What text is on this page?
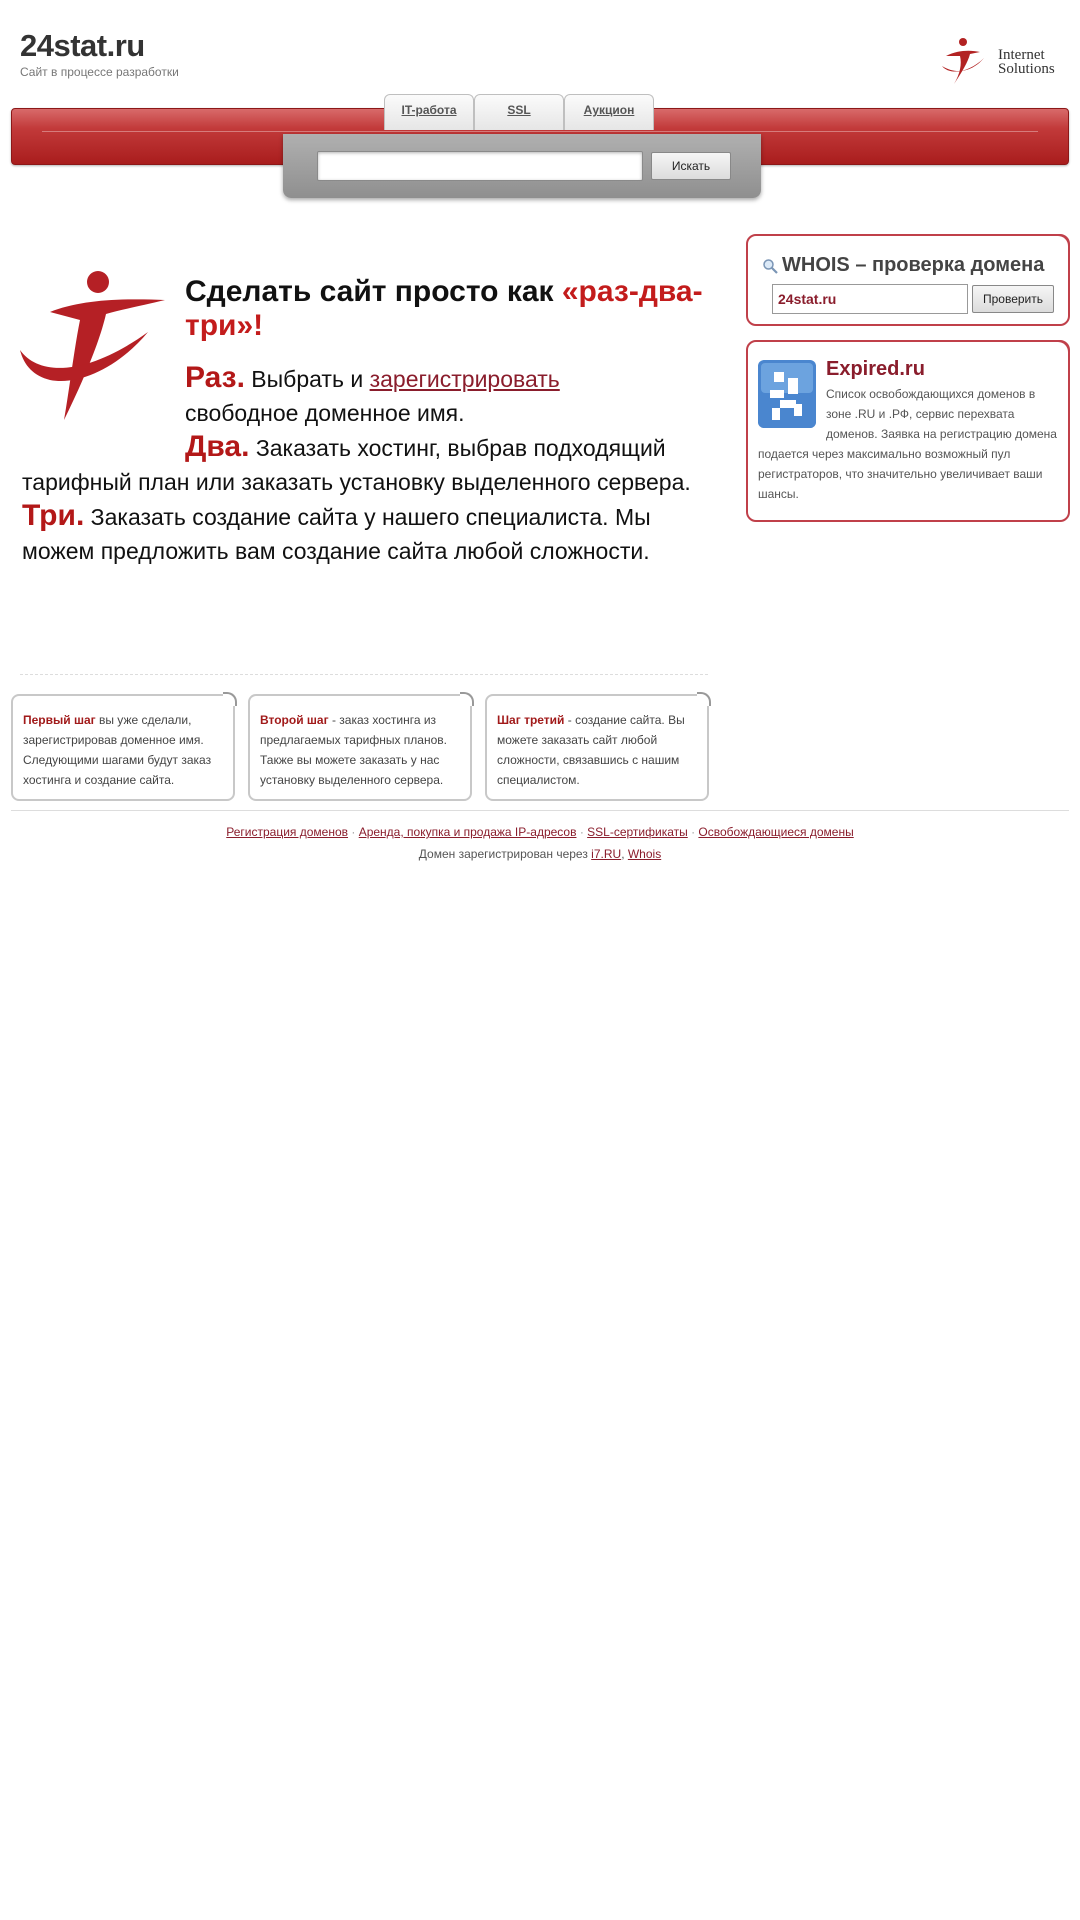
24stat.ru
Сайт в процессе разработки
Internet
Solutions
IT-работа	SSL	Аукцион
Искать
Сделать сайт просто как «раз-два-три»!

Раз. Выбрать и зарегистрировать
свободное доменное имя.

Два. Заказать хостинг, выбрав подходящий тарифный план или заказать установку выделенного сервера.

Три. Заказать создание сайта у нашего специалиста. Мы можем предложить вам создание сайта любой сложности.

Первый шаг вы уже сделали, зарегистрировав доменное имя. Следующими шагами будут заказ хостинга и создание сайта.
Второй шаг - заказ хостинга из предлагаемых тарифных планов. Также вы можете заказать у нас установку выделенного сервера.
Шаг третий - создание сайта. Вы можете заказать сайт любой сложности, связавшись с нашим специалистом.
WHOIS – проверка домена
24stat.ru
Проверить
Expired.ru
Список освобождающихся доменов в зоне .RU и .РФ, сервис перехвата доменов. Заявка на регистрацию домена подается через максимально возможный пул регистраторов, что значительно увеличивает ваши шансы.
Регистрация доменов · Аренда, покупка и продажа IP-адресов · SSL-сертификаты · Освобождающиеся домены
Домен зарегистрирован через i7.RU, Whois
